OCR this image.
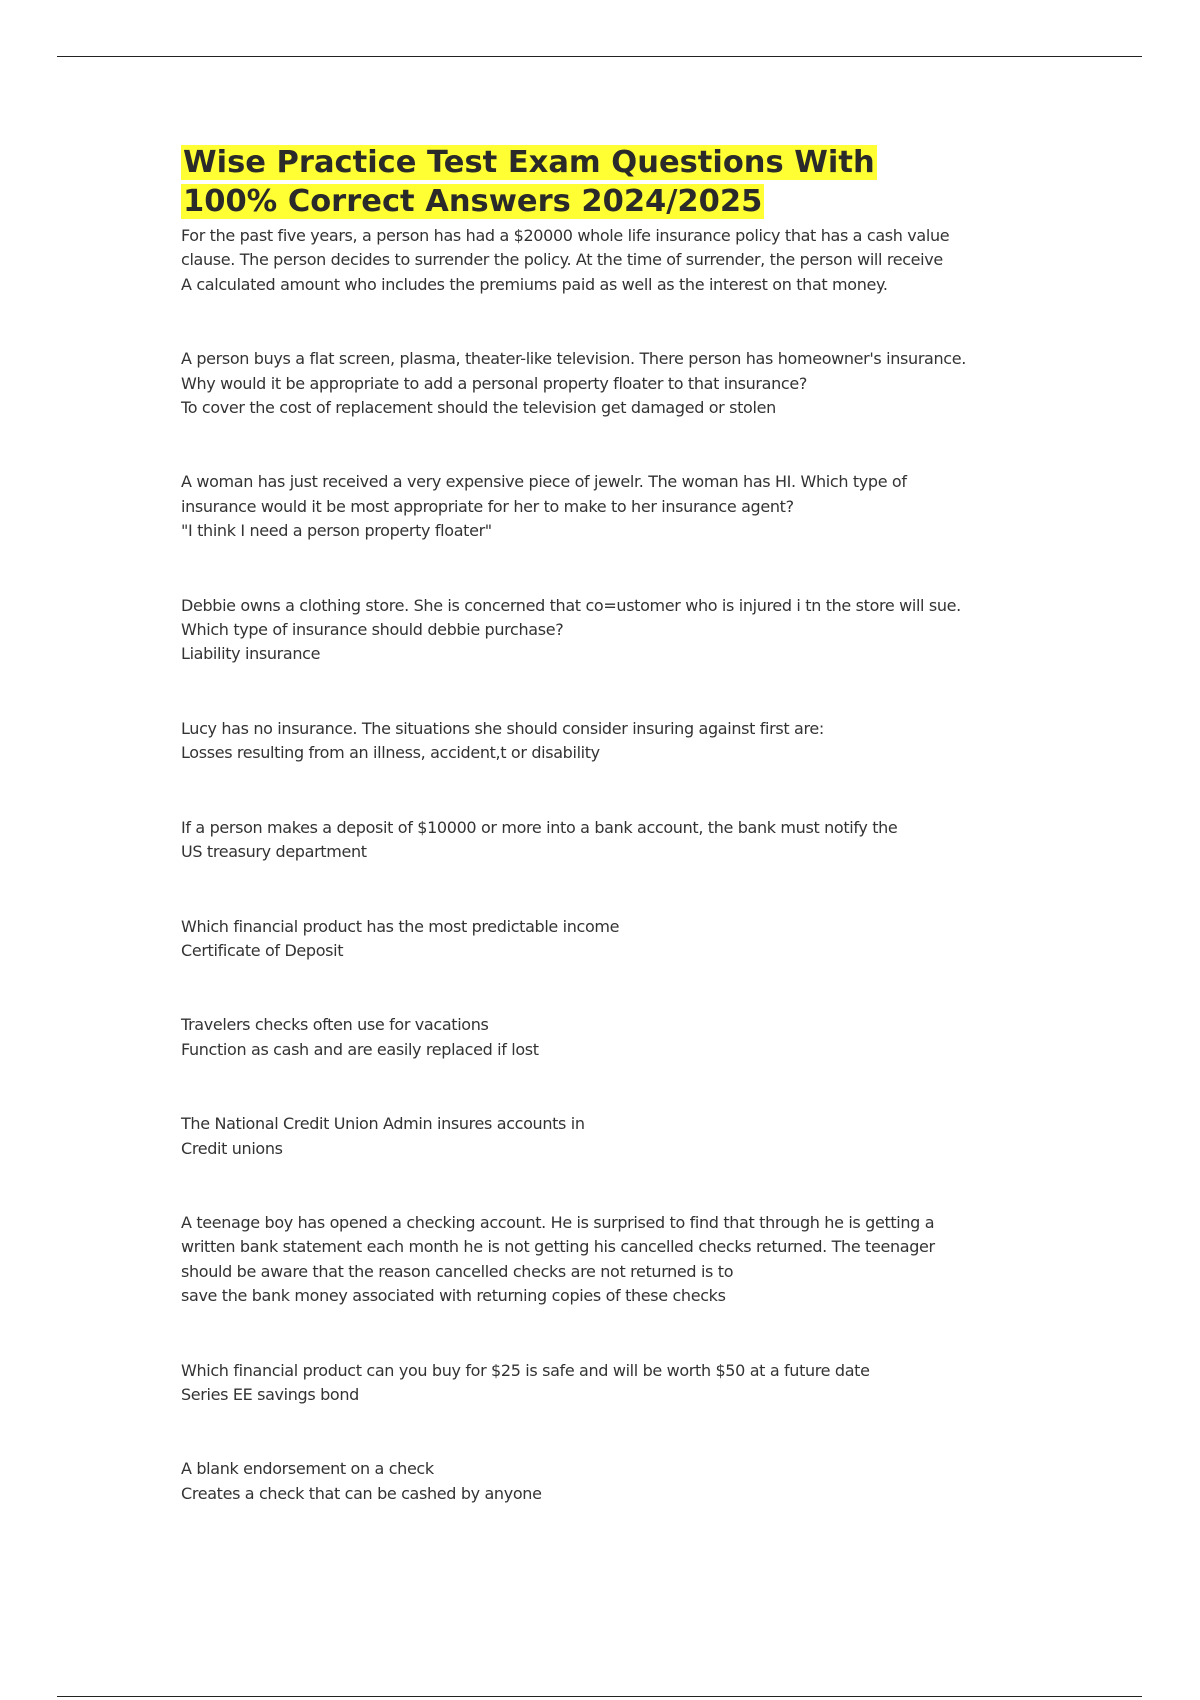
Wise Practice Test Exam Questions With 100% Correct Answers 2024/2025

For the past five years, a person has had a $20000 whole life insurance policy that has a cash value

clause. The person decides to surrender the policy. At the time of surrender, the person will receive

A calculated amount who includes the premiums paid as well as the interest on that money.

A person buys a flat screen, plasma, theater-like television. There person has homeowner's insurance.

Why would it be appropriate to add a personal property floater to that insurance?

To cover the cost of replacement should the television get damaged or stolen

A woman has just received a very expensive piece of jewelr. The woman has HI. Which type of

insurance would it be most appropriate for her to make to her insurance agent?

"I think I need a person property floater"

Debbie owns a clothing store. She is concerned that co=ustomer who is injured i tn the store will sue.

Which type of insurance should debbie purchase?

Liability insurance

Lucy has no insurance. The situations she should consider insuring against first are:

Losses resulting from an illness, accident,t or disability

If a person makes a deposit of $10000 or more into a bank account, the bank must notify the

US treasury department

Which financial product has the most predictable income

Certificate of Deposit

Travelers checks often use for vacations

Function as cash and are easily replaced if lost

The National Credit Union Admin insures accounts in

Credit unions

A teenage boy has opened a checking account. He is surprised to find that through he is getting a

written bank statement each month he is not getting his cancelled checks returned. The teenager

should be aware that the reason cancelled checks are not returned is to

save the bank money associated with returning copies of these checks

Which financial product can you buy for $25 is safe and will be worth $50 at a future date

Series EE savings bond

A blank endorsement on a check

Creates a check that can be cashed by anyone
